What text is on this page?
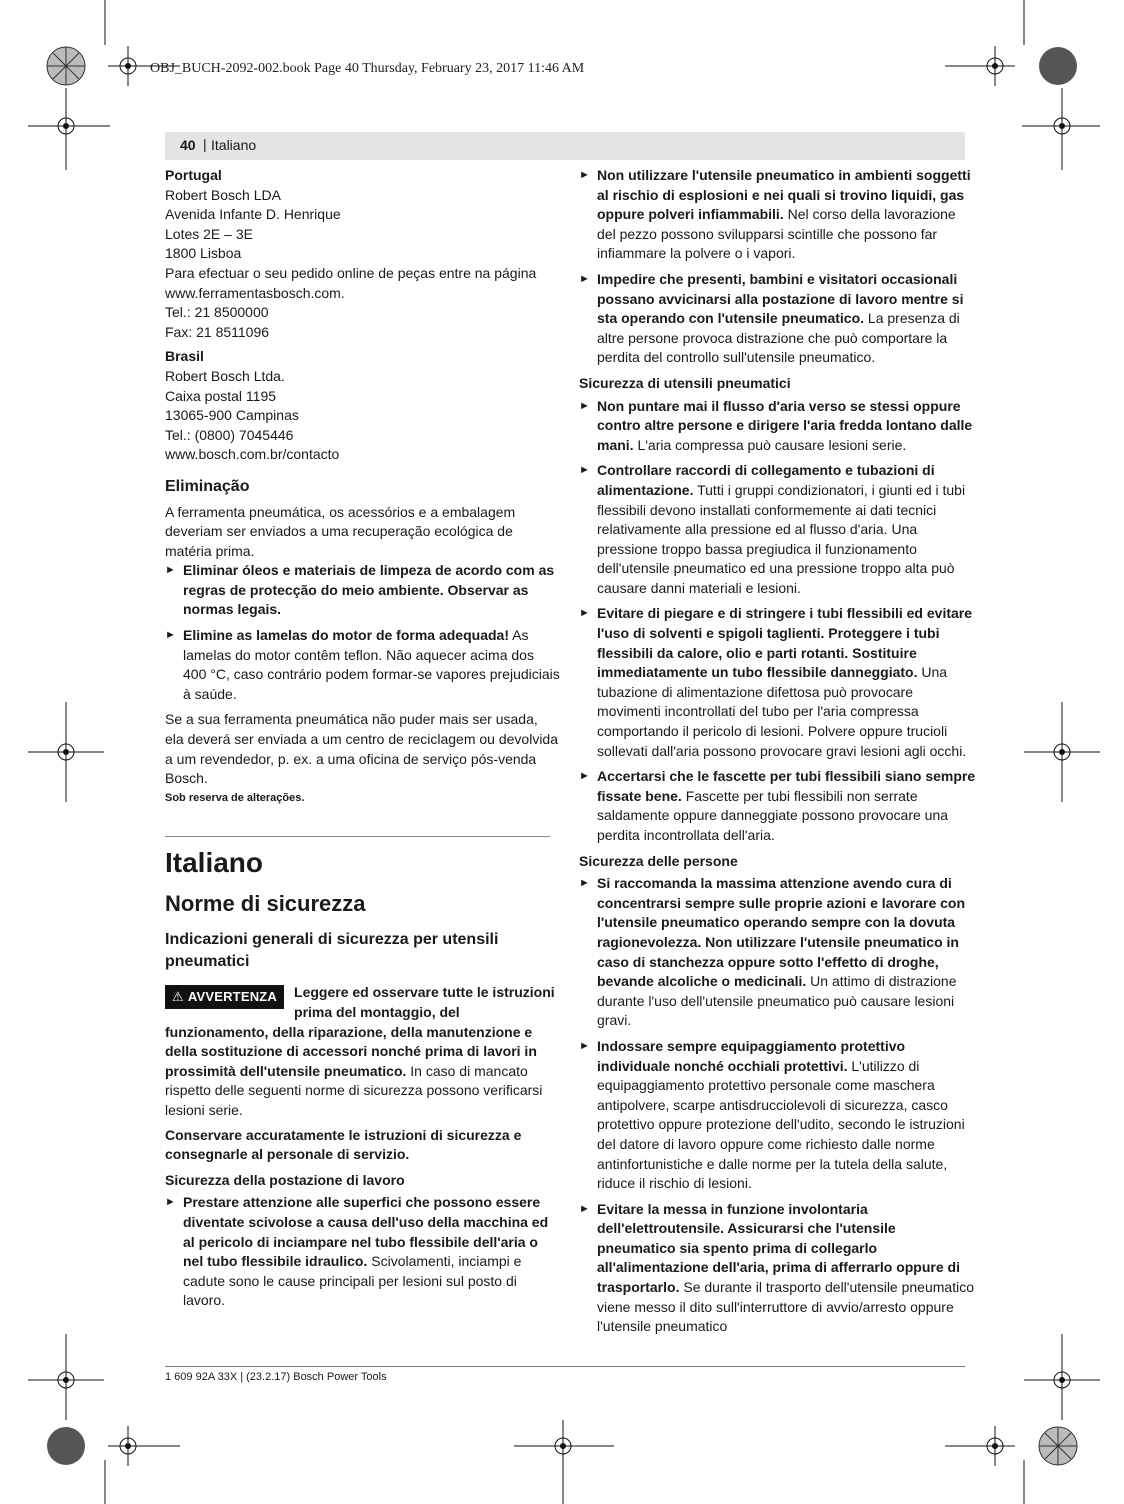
OBJ_BUCH-2092-002.book Page 40 Thursday, February 23, 2017 11:46 AM
40 | Italiano

Portugal

Robert Bosch LDA

Avenida Infante D. Henrique

Lotes 2E – 3E

1800 Lisboa

Para efectuar o seu pedido online de peças entre na página www.ferramentasbosch.com.

Tel.: 21 8500000

Fax: 21 8511096

Brasil

Robert Bosch Ltda.

Caixa postal 1195

13065-900 Campinas

Tel.: (0800) 7045446

www.bosch.com.br/contacto

Eliminação

A ferramenta pneumática, os acessórios e a embalagem deveriam ser enviados a uma recuperação ecológica de matéria prima.

► Eliminar óleos e materiais de limpeza de acordo com as regras de protecção do meio ambiente. Observar as normas legais.
► Elimine as lamelas do motor de forma adequada! As lamelas do motor contêm teflon. Não aquecer acima dos 400 °C, caso contrário podem formar-se vapores prejudiciais à saúde.

Se a sua ferramenta pneumática não puder mais ser usada, ela deverá ser enviada a um centro de reciclagem ou devolvida a um revendedor, p. ex. a uma oficina de serviço pós-venda Bosch.

Sob reserva de alterações.

Italiano
Norme di sicurezza
Indicazioni generali di sicurezza per utensili pneumatici
⚠ AVVERTENZA	Leggere ed osservare tutte le istruzioni prima del montaggio, del funzionamento, della riparazione, della manutenzione e della sostituzione di accessori nonché prima di lavori in prossimità dell'utensile pneumatico. In caso di mancato rispetto delle seguenti norme di sicurezza possono verificarsi lesioni serie.

Conservare accuratamente le istruzioni di sicurezza e consegnarle al personale di servizio.

Sicurezza della postazione di lavoro
► Prestare attenzione alle superfici che possono essere diventate scivolose a causa dell'uso della macchina ed al pericolo di inciampare nel tubo flessibile dell'aria o nel tubo flessibile idraulico. Scivolamenti, inciampi e cadute sono le cause principali per lesioni sul posto di lavoro.
► Non utilizzare l'utensile pneumatico in ambienti soggetti al rischio di esplosioni e nei quali si trovino liquidi, gas oppure polveri infiammabili. Nel corso della lavorazione del pezzo possono svilupparsi scintille che possono far infiammare la polvere o i vapori.
► Impedire che presenti, bambini e visitatori occasionali possano avvicinarsi alla postazione di lavoro mentre si sta operando con l'utensile pneumatico. La presenza di altre persone provoca distrazione che può comportare la perdita del controllo sull'utensile pneumatico.
Sicurezza di utensili pneumatici
► Non puntare mai il flusso d'aria verso se stessi oppure contro altre persone e dirigere l'aria fredda lontano dalle mani. L'aria compressa può causare lesioni serie.
► Controllare raccordi di collegamento e tubazioni di alimentazione. Tutti i gruppi condizionatori, i giunti ed i tubi flessibili devono installati conformemente ai dati tecnici relativamente alla pressione ed al flusso d'aria. Una pressione troppo bassa pregiudica il funzionamento dell'utensile pneumatico ed una pressione troppo alta può causare danni materiali e lesioni.
► Evitare di piegare e di stringere i tubi flessibili ed evitare l'uso di solventi e spigoli taglienti. Proteggere i tubi flessibili da calore, olio e parti rotanti. Sostituire immediatamente un tubo flessibile danneggiato. Una tubazione di alimentazione difettosa può provocare movimenti incontrollati del tubo per l'aria compressa comportando il pericolo di lesioni. Polvere oppure trucioli sollevati dall'aria possono provocare gravi lesioni agli occhi.
► Accertarsi che le fascette per tubi flessibili siano sempre fissate bene. Fascette per tubi flessibili non serrate saldamente oppure danneggiate possono provocare una perdita incontrollata dell'aria.
Sicurezza delle persone
► Si raccomanda la massima attenzione avendo cura di concentrarsi sempre sulle proprie azioni e lavorare con l'utensile pneumatico operando sempre con la dovuta ragionevolezza. Non utilizzare l'utensile pneumatico in caso di stanchezza oppure sotto l'effetto di droghe, bevande alcoliche o medicinali. Un attimo di distrazione durante l'uso dell'utensile pneumatico può causare lesioni gravi.
► Indossare sempre equipaggiamento protettivo individuale nonché occhiali protettivi. L'utilizzo di equipaggiamento protettivo personale come maschera antipolvere, scarpe antisdrucciolevoli di sicurezza, casco protettivo oppure protezione dell'udito, secondo le istruzioni del datore di lavoro oppure come richiesto dalle norme antinfortunistiche e dalle norme per la tutela della salute, riduce il rischio di lesioni.
► Evitare la messa in funzione involontaria dell'elettroutensile. Assicurarsi che l'utensile pneumatico sia spento prima di collegarlo all'alimentazione dell'aria, prima di afferrarlo oppure di trasportarlo. Se durante il trasporto dell'utensile pneumatico viene messo il dito sull'interruttore di avvio/arresto oppure l'utensile pneumatico
1 609 92A 33X | (23.2.17) Bosch Power Tools
